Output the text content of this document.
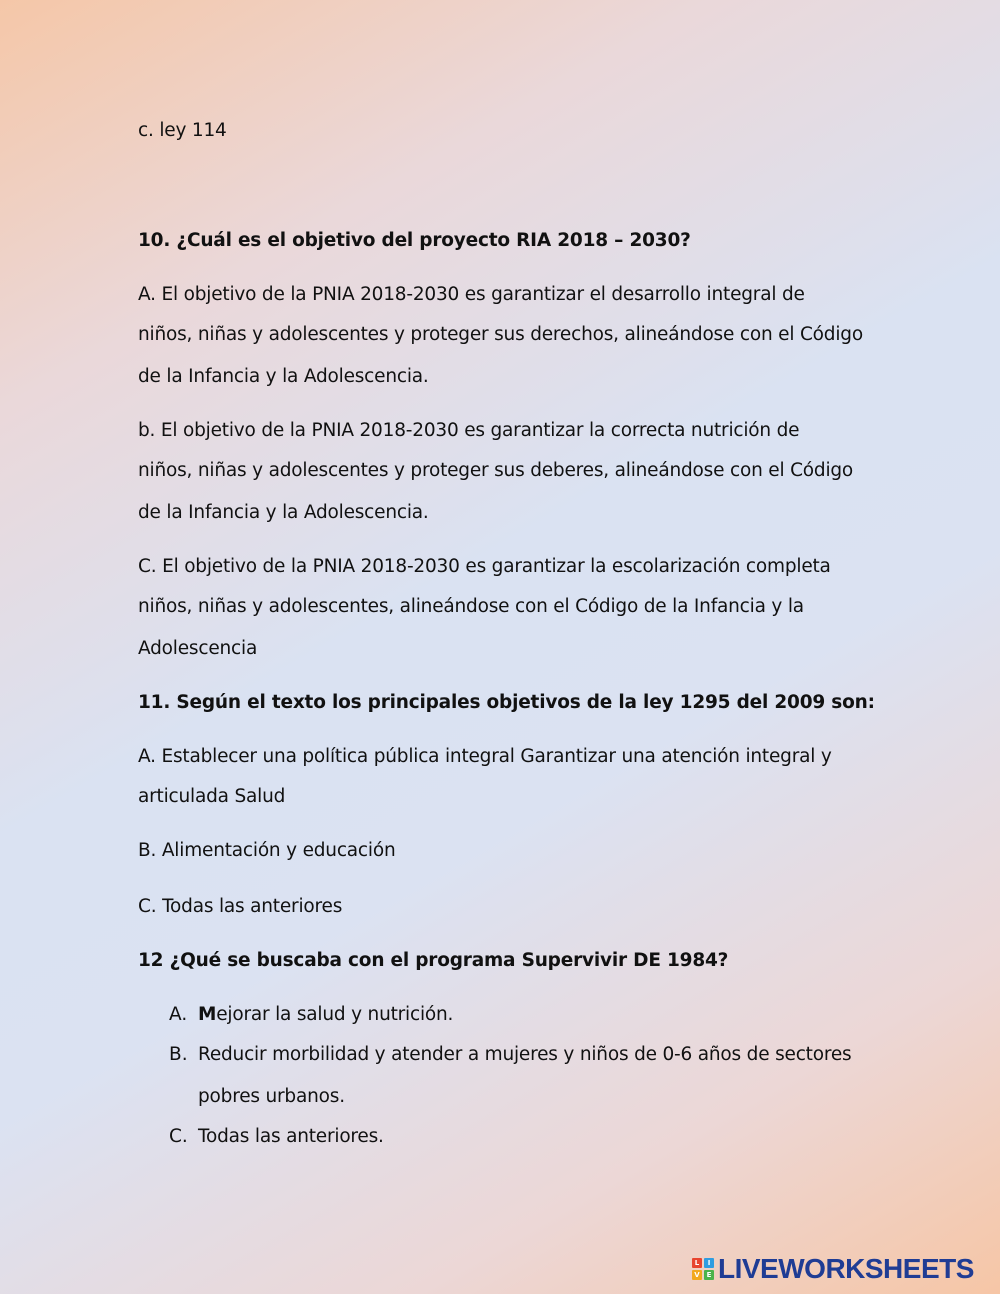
c. ley 114
10. ¿Cuál es el objetivo del proyecto RIA 2018 – 2030?
A. El objetivo de la PNIA 2018-2030 es garantizar el desarrollo integral de
niños, niñas y adolescentes y proteger sus derechos, alineándose con el Código
de la Infancia y la Adolescencia.
b. El objetivo de la PNIA 2018-2030 es garantizar la correcta nutrición de
niños, niñas y adolescentes y proteger sus deberes, alineándose con el Código
de la Infancia y la Adolescencia.
C. El objetivo de la PNIA 2018-2030 es garantizar la escolarización completa
niños, niñas y adolescentes, alineándose con el Código de la Infancia y la
Adolescencia
11. Según el texto los principales objetivos de la ley 1295 del 2009 son:
A. Establecer una política pública integral Garantizar una atención integral y
articulada Salud
B. Alimentación y educación
C. Todas las anteriores
12 ¿Qué se buscaba con el programa Supervivir DE 1984?
A. Mejorar la salud y nutrición.
B. Reducir morbilidad y atender a mujeres y niños de 0-6 años de sectores
pobres urbanos.
C. Todas las anteriores.
L	I
V E LIVEWORKSHEETS
